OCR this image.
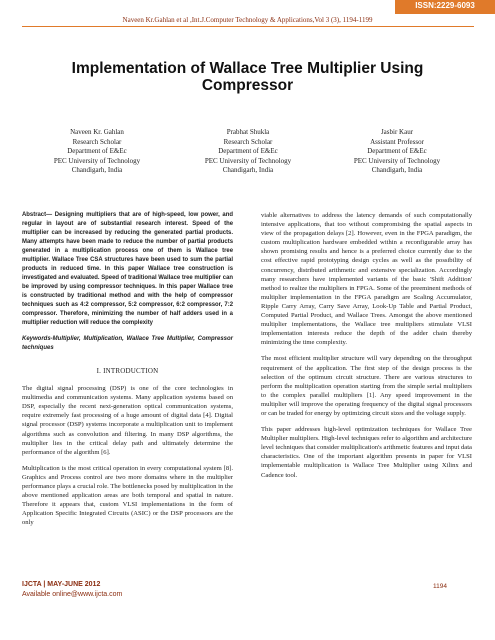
ISSN:2229-6093
Naveen Kr.Gahlan et al ,Int.J.Computer Technology & Applications,Vol 3 (3), 1194-1199
Implementation of Wallace Tree Multiplier Using
Compressor
Naveen Kr. Gahlan
Research Scholar
Department of E&Ec
PEC University of Technology
Chandigarh, India
Prabhat Shukla
Research Scholar
Department of E&Ec
PEC University of Technology
Chandigarh, India
Jasbir Kaur
Assistant Professor
Department of E&Ec
PEC University of Technology
Chandigarh, India

Abstract— Designing multipliers that are of high-speed, low power, and regular in layout are of substantial research interest. Speed of the multiplier can be increased by reducing the generated partial products. Many attempts have been made to reduce the number of partial products generated in a multiplication process one of them is Wallace tree multiplier. Wallace Tree CSA structures have been used to sum the partial products in reduced time. In this paper Wallace tree construction is investigated and evaluated. Speed of traditional Wallace tree multiplier can be improved by using compressor techniques. In this paper Wallace tree is constructed by traditional method and with the help of compressor techniques such as 4:2 compressor, 5:2 compressor, 6:2 compressor, 7:2 compressor. Therefore, minimizing the number of half adders used in a multiplier reduction will reduce the complexity

Keywords-Multiplier, Multiplication, Wallace Tree Multiplier, Compressor techniques

I. INTRODUCTION

The digital signal processing (DSP) is one of the core technologies in multimedia and communication systems. Many application systems based on DSP, especially the recent next-generation optical communication systems, require extremely fast processing of a huge amount of digital data [4]. Digital signal processor (DSP) systems incorporate a multiplication unit to implement algorithms such as convolution and filtering. In many DSP algorithms, the multiplier lies in the critical delay path and ultimately determine the performance of the algorithm [6].

Multiplication is the most critical operation in every computational system [8]. Graphics and Process control are two more domains where in the multiplier performance plays a crucial role. The bottlenecks posed by multiplication in the above mentioned application areas are both temporal and spatial in nature. Therefore it appears that, custom VLSI implementations in the form of Application Specific Integrated Circuits (ASIC) or the DSP processors are the only

viable alternatives to address the latency demands of such computationally intensive applications, that too without compromising the spatial aspects in view of the propagation delays [2]. However, even in the FPGA paradigm, the custom multiplication hardware embedded within a reconfigurable array has shown promising results and hence is a preferred choice currently due to the cost effective rapid prototyping design cycles as well as the possibility of concurrency, distributed arithmetic and extensive specialization. Accordingly many researchers have implemented variants of the basic 'Shift Addition' method to realize the multipliers in FPGA. Some of the preeminent methods of multiplier implementation in the FPGA paradigm are Scaling Accumulator, Ripple Carry Array, Carry Save Array, Look-Up Table and Partial Product, Computed Partial Product, and Wallace Trees. Amongst the above mentioned multiplier implementations, the Wallace tree multipliers stimulate VLSI implementation interests reduce the depth of the adder chain thereby minimizing the time complexity.

The most efficient multiplier structure will vary depending on the throughput requirement of the application. The first step of the design process is the selection of the optimum circuit structure. There are various structures to perform the multiplication operation starting from the simple serial multipliers to the complex parallel multipliers [1]. Any speed improvement in the multiplier will improve the operating frequency of the digital signal processors or can be traded for energy by optimizing circuit sizes and the voltage supply.

This paper addresses high-level optimization techniques for Wallace Tree Multiplier multipliers. High-level techniques refer to algorithm and architecture level techniques that consider multiplication's arithmetic features and input data characteristics. One of the important algorithm presents in paper for VLSI implementable multiplication is Wallace Tree Multiplier using Xilinx and Cadence tool.

IJCTA | MAY-JUNE 2012
Available online@www.ijcta.com
1194
